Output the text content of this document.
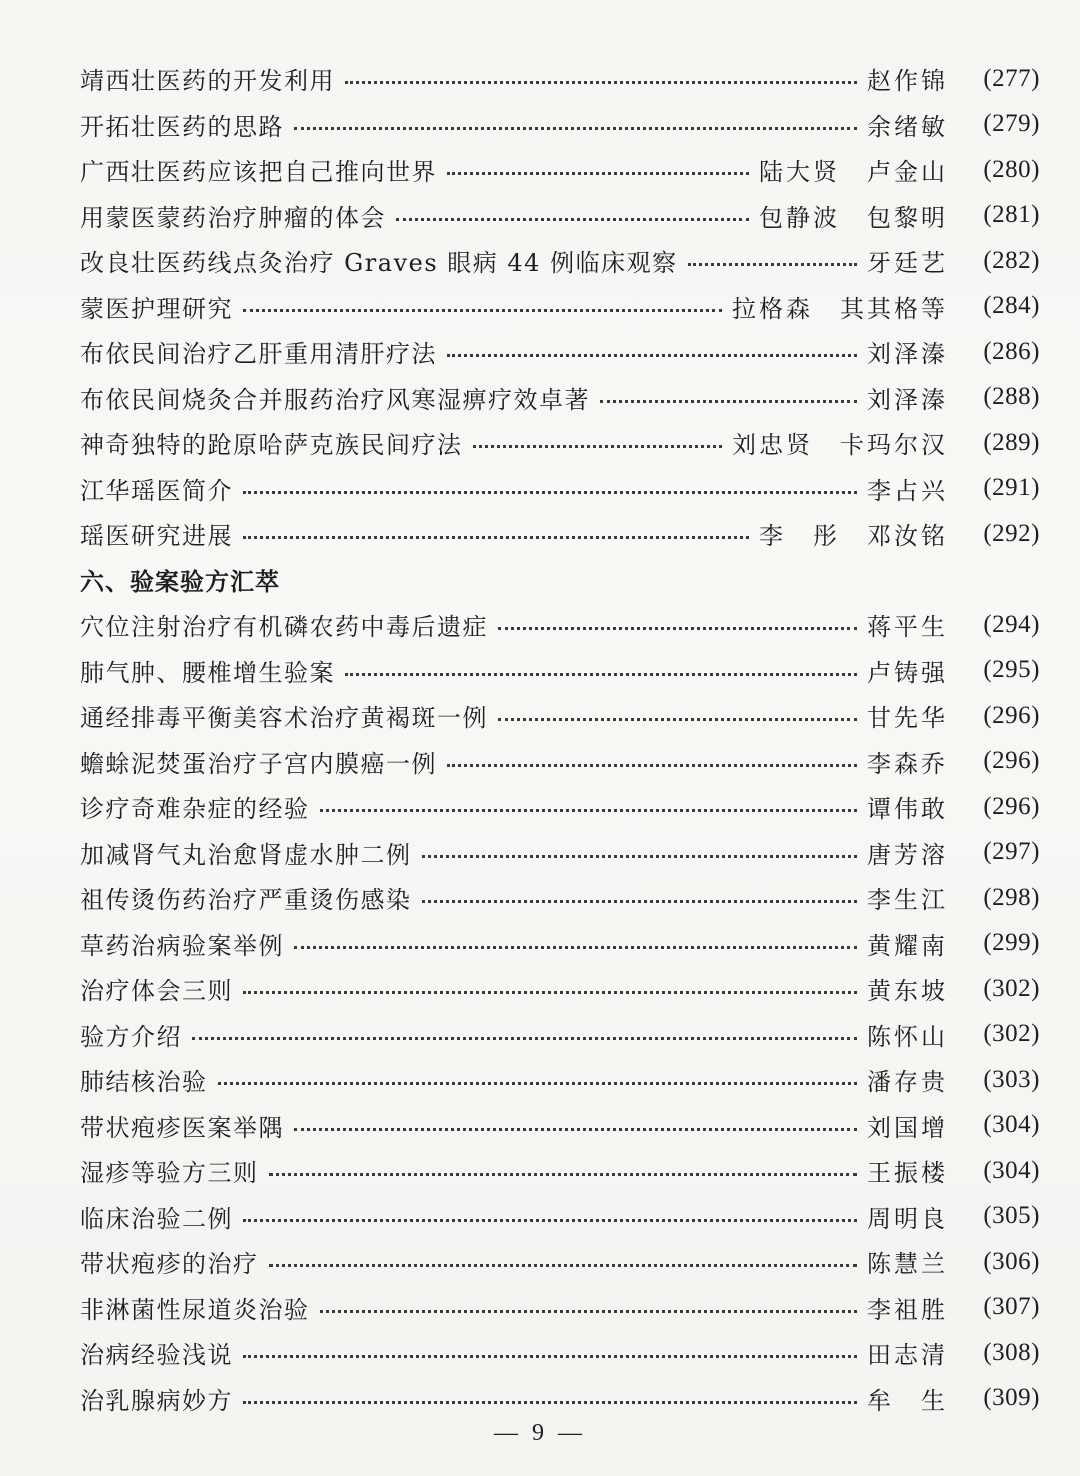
靖西壮医药的开发利用	赵作锦	(277)
开拓壮医药的思路	余绪敏	(279)
广西壮医药应该把自己推向世界	陆大贤　卢金山	(280)
用蒙医蒙药治疗肿瘤的体会	包静波　包黎明	(281)
改良壮医药线点灸治疗 Graves 眼病 44 例临床观察	牙廷艺	(282)
蒙医护理研究	拉格森　其其格等	(284)
布依民间治疗乙肝重用清肝疗法	刘泽溱	(286)
布依民间烧灸合并服药治疗风寒湿痹疗效卓著	刘泽溱	(288)
神奇独特的跄原哈萨克族民间疗法	刘忠贤　卡玛尔汉	(289)
江华瑶医简介	李占兴	(291)
瑶医研究进展	李　彤　邓汝铭	(292)
六、验案验方汇萃
穴位注射治疗有机磷农药中毒后遗症	蒋平生	(294)
肺气肿、腰椎增生验案	卢铸强	(295)
通经排毒平衡美容术治疗黄褐斑一例	甘先华	(296)
蟾蜍泥焚蛋治疗子宫内膜癌一例	李森乔	(296)
诊疗奇难杂症的经验	谭伟敢	(296)
加减肾气丸治愈肾虚水肿二例	唐芳溶	(297)
祖传烫伤药治疗严重烫伤感染	李生江	(298)
草药治病验案举例	黄耀南	(299)
治疗体会三则	黄东坡	(302)
验方介绍	陈怀山	(302)
肺结核治验	潘存贵	(303)
带状疱疹医案举隅	刘国增	(304)
湿疹等验方三则	王振楼	(304)
临床治验二例	周明良	(305)
带状疱疹的治疗	陈慧兰	(306)
非淋菌性尿道炎治验	李祖胜	(307)
治病经验浅说	田志清	(308)
治乳腺病妙方	牟　生	(309)
— 9 —
